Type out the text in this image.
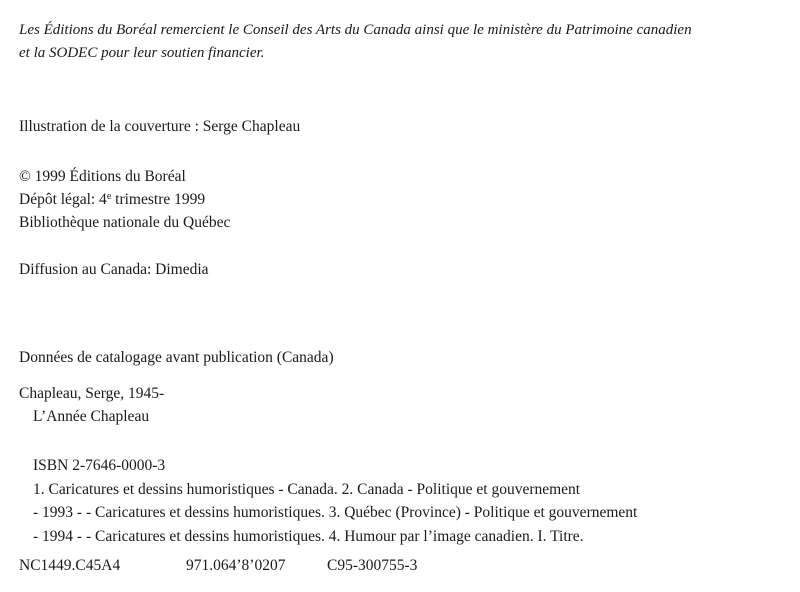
Les Éditions du Boréal remercient le Conseil des Arts du Canada ainsi que le ministère du Patrimoine canadien
et la SODEC pour leur soutien financier.
Illustration de la couverture : Serge Chapleau
© 1999 Éditions du Boréal
Dépôt légal: 4e trimestre 1999
Bibliothèque nationale du Québec
Diffusion au Canada: Dimedia
Données de catalogage avant publication (Canada)
Chapleau, Serge, 1945-
L’Année Chapleau
ISBN 2-7646-0000-3
1. Caricatures et dessins humoristiques - Canada. 2. Canada - Politique et gouvernement
- 1993 - - Caricatures et dessins humoristiques. 3. Québec (Province) - Politique et gouvernement
- 1994 - - Caricatures et dessins humoristiques. 4. Humour par l’image canadien. I. Titre.
NC1449.C45A4	971.064’8’0207	C95-300755-3
